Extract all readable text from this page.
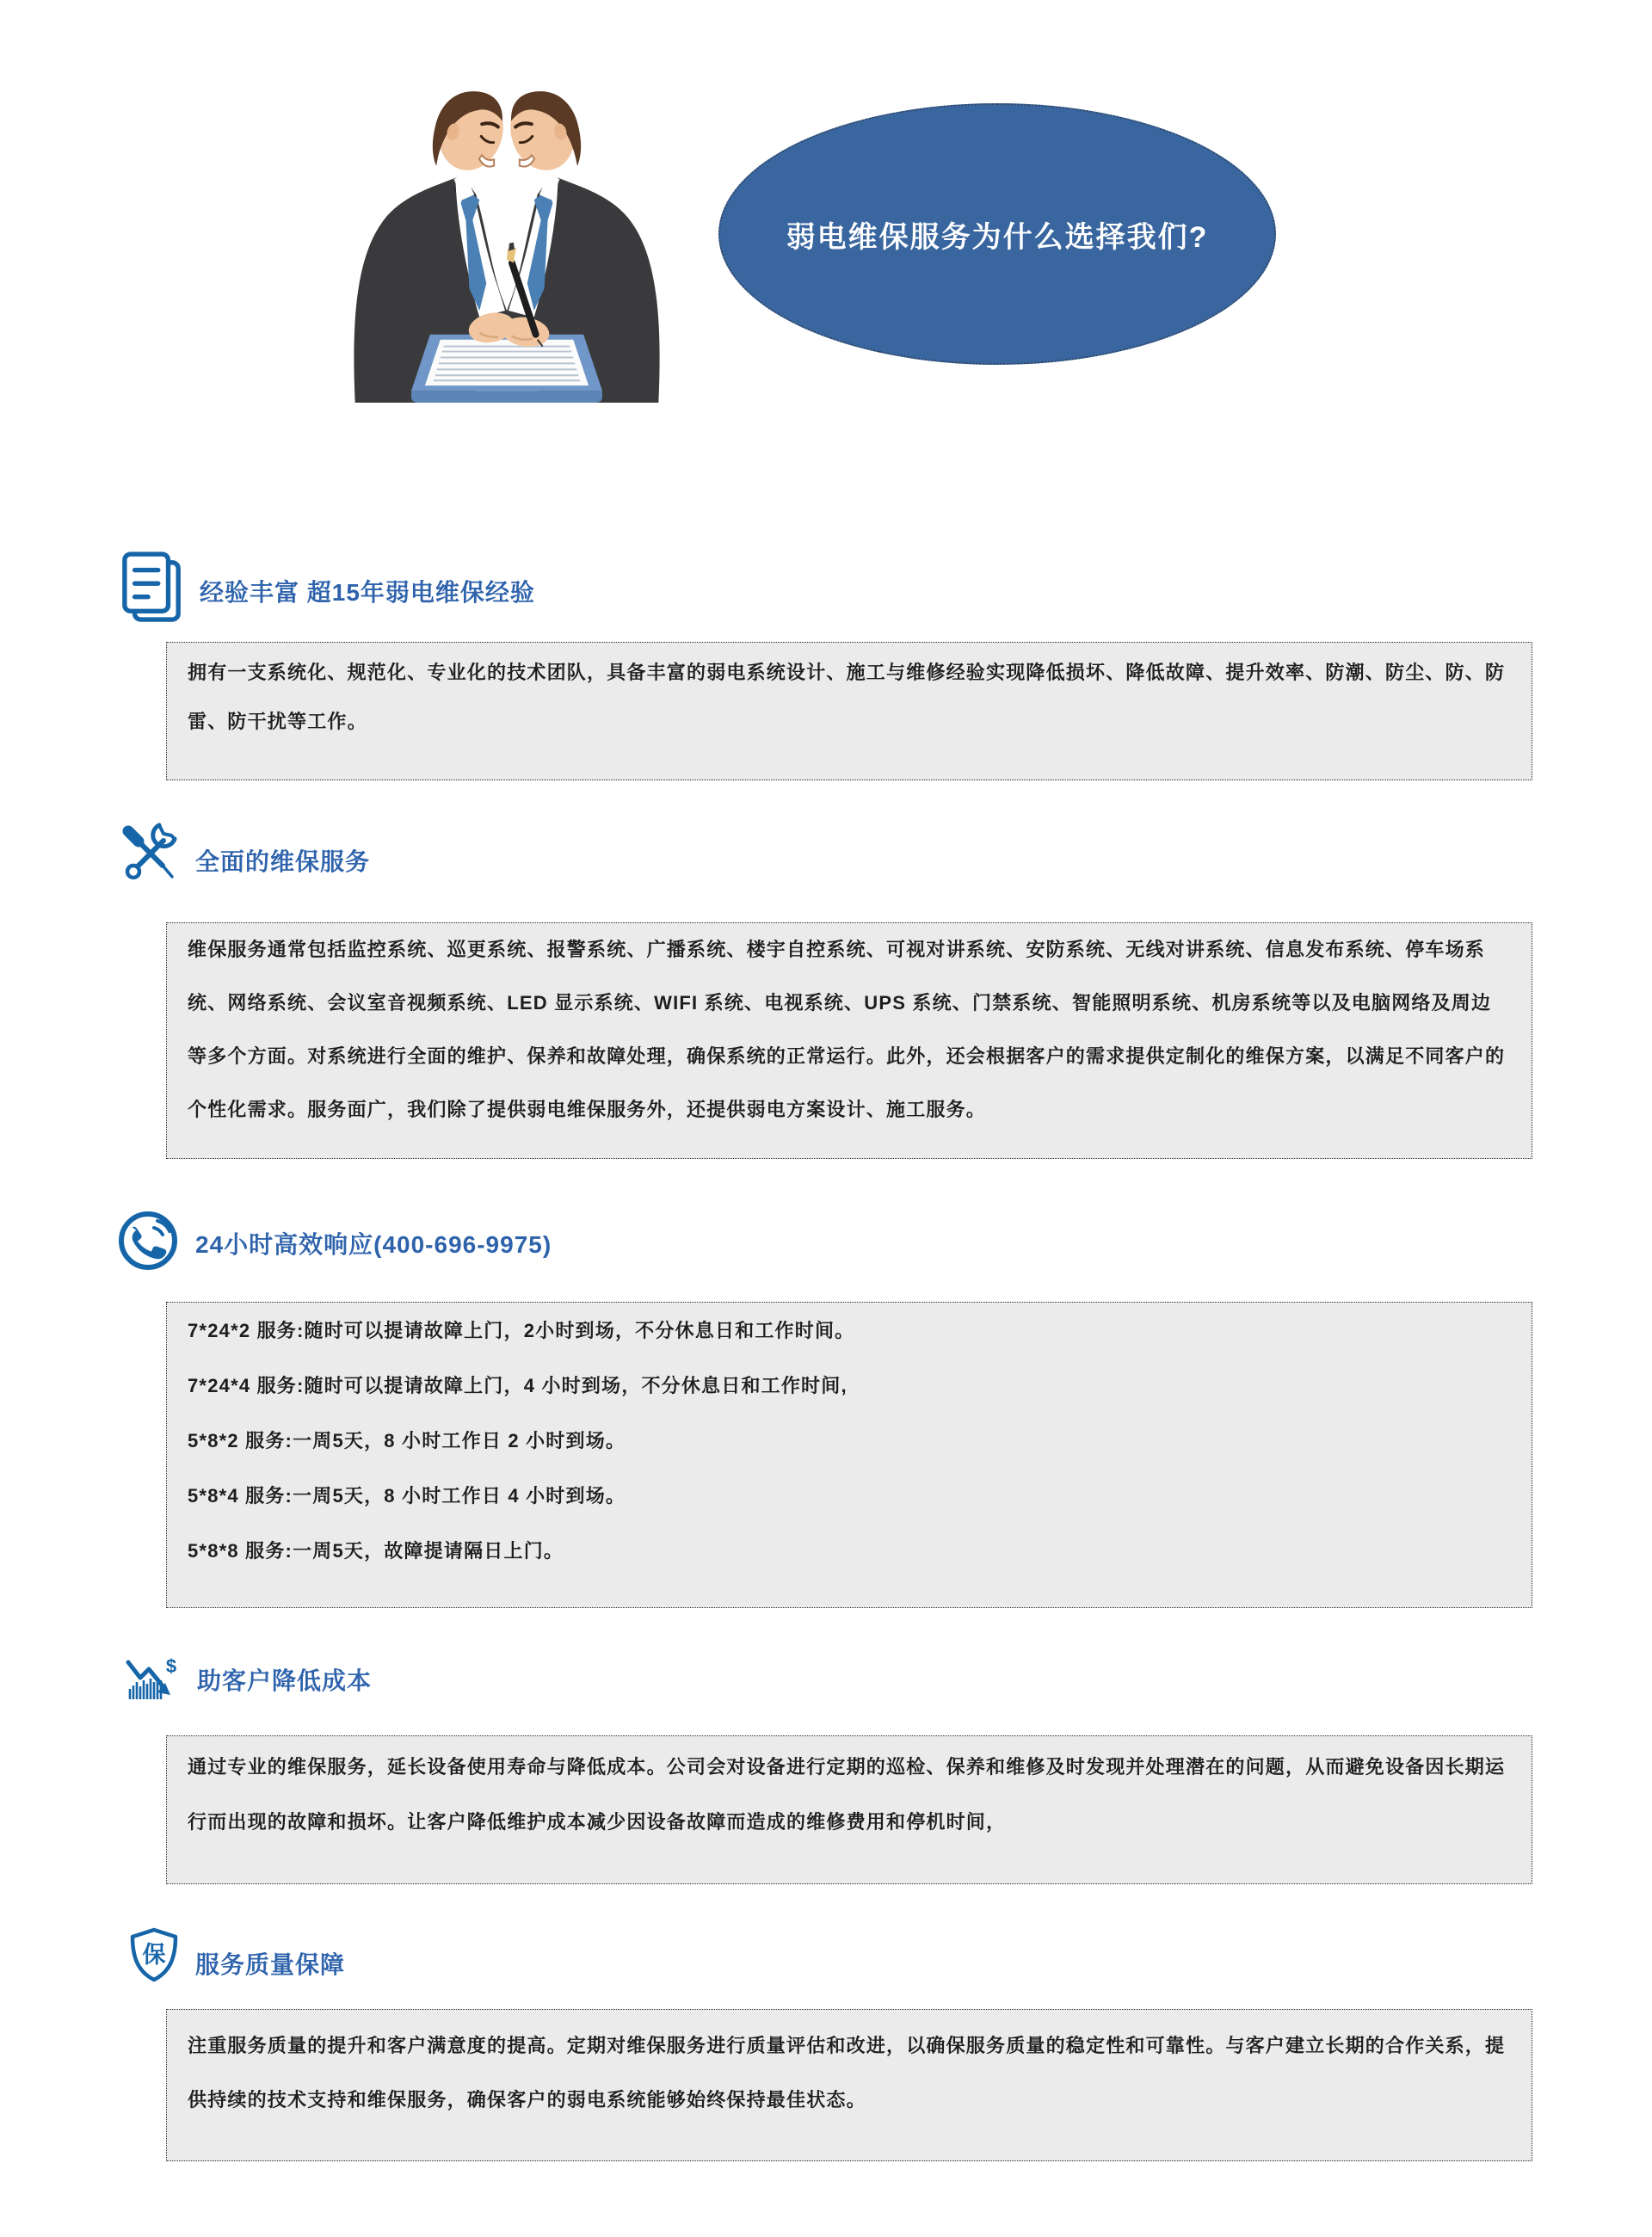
弱电维保服务为什么选择我们?
经验丰富 超15年弱电维保经验

拥有一支系统化、规范化、专业化的技术团队，具备丰富的弱电系统设计、施工与维修经验实现降低损坏、降低故障、提升效率、防潮、防尘、防、防雷、防干扰等工作。

全面的维保服务

维保服务通常包括监控系统、巡更系统、报警系统、广播系统、楼宇自控系统、可视对讲系统、安防系统、无线对讲系统、信息发布系统、停车场系统、网络系统、会议室音视频系统、LED 显示系统、WIFI 系统、电视系统、UPS 系统、门禁系统、智能照明系统、机房系统等以及电脑网络及周边等多个方面。对系统进行全面的维护、保养和故障处理，确保系统的正常运行。此外，还会根据客户的需求提供定制化的维保方案，以满足不同客户的个性化需求。服务面广，我们除了提供弱电维保服务外，还提供弱电方案设计、施工服务。

24小时高效响应(400-696-9975)

7*24*2 服务:随时可以提请故障上门，2小时到场，不分休息日和工作时间。

7*24*4 服务:随时可以提请故障上门，4 小时到场，不分休息日和工作时间,

5*8*2 服务:一周5天，8 小时工作日 2 小时到场。

5*8*4 服务:一周5天，8 小时工作日 4 小时到场。

5*8*8 服务:一周5天，故障提请隔日上门。

$
助客户降低成本

通过专业的维保服务，延长设备使用寿命与降低成本。公司会对设备进行定期的巡检、保养和维修及时发现并处理潜在的问题，从而避免设备因长期运行而出现的故障和损坏。让客户降低维护成本减少因设备故障而造成的维修费用和停机时间，

保 服务质量保障

注重服务质量的提升和客户满意度的提高。定期对维保服务进行质量评估和改进，以确保服务质量的稳定性和可靠性。与客户建立长期的合作关系，提供持续的技术支持和维保服务，确保客户的弱电系统能够始终保持最佳状态。
